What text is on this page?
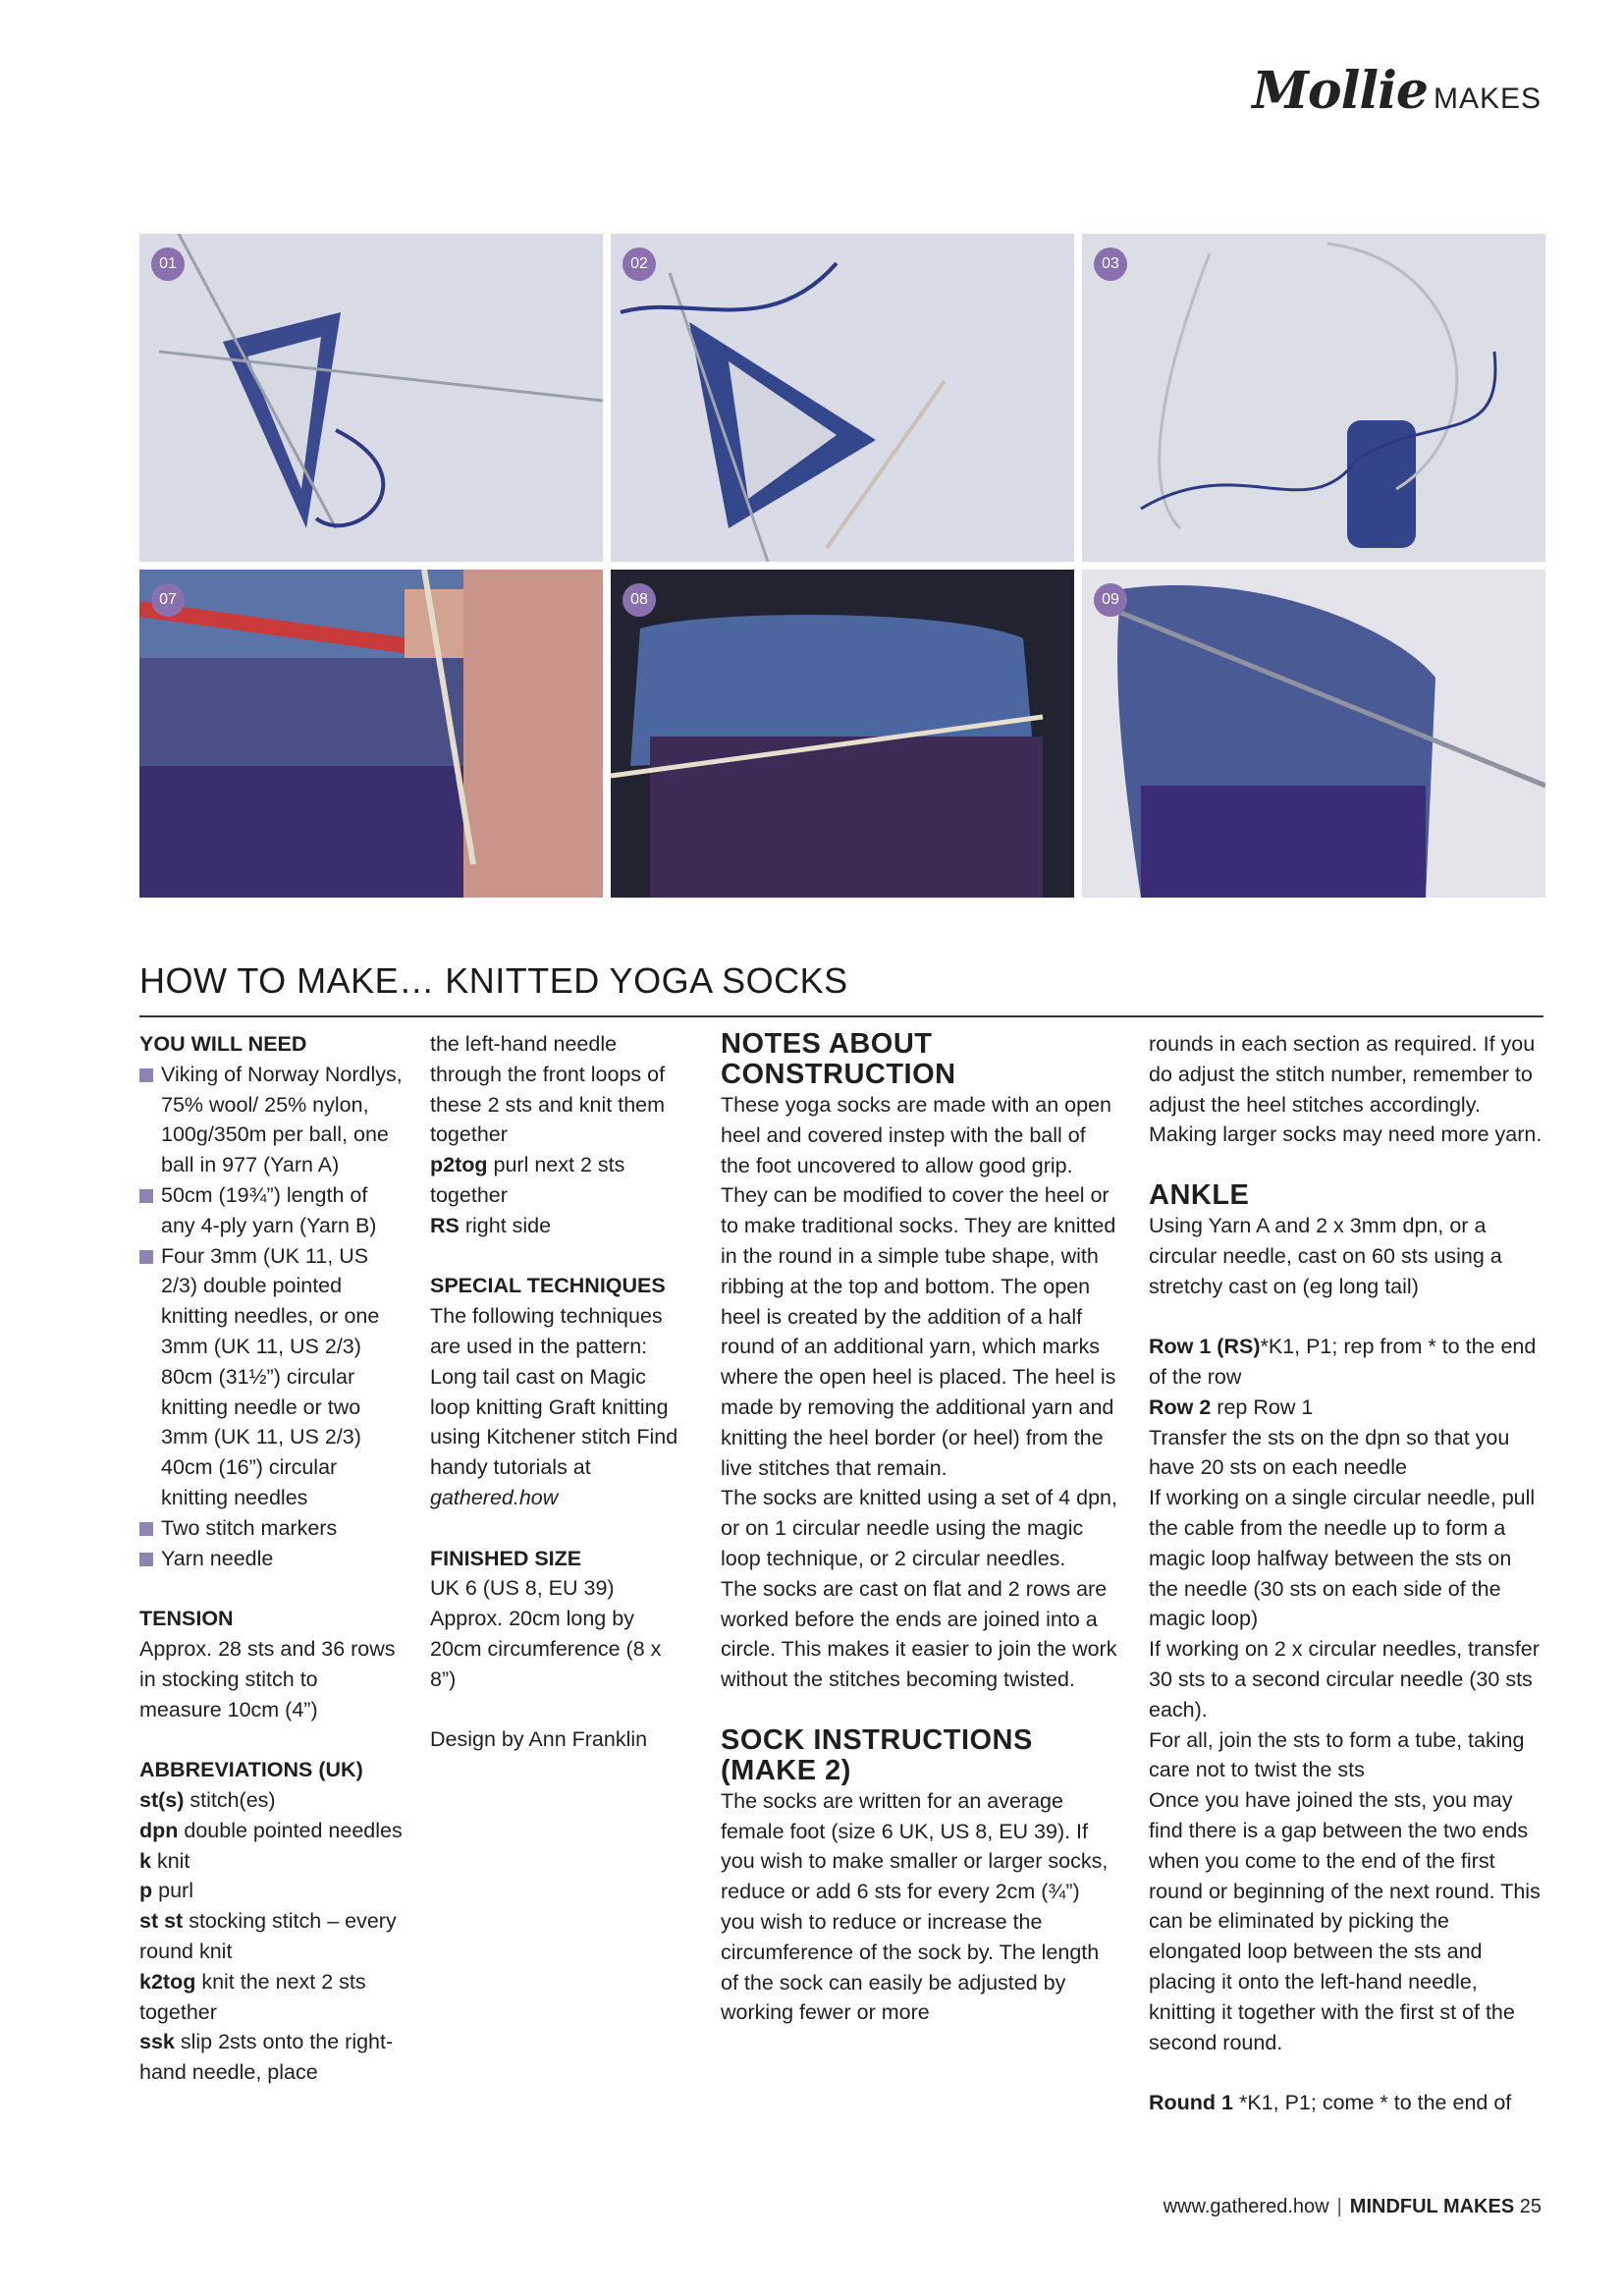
Mollie MAKES
01	02	03
07	08	09
HOW TO MAKE… KNITTED YOGA SOCKS
YOU WILL NEED
Viking of Norway Nordlys, 75% wool/ 25% nylon, 100g/350m per ball, one ball in 977 (Yarn A)
50cm (19¾”) length of any 4-ply yarn (Yarn B)
Four 3mm (UK 11, US 2/3) double pointed knitting needles, or one 3mm (UK 11, US 2/3) 80cm (31½”) circular knitting needle or two 3mm (UK 11, US 2/3) 40cm (16”) circular knitting needles
Two stitch markers
Yarn needle
TENSION
Approx. 28 sts and 36 rows in stocking stitch to measure 10cm (4”)
ABBREVIATIONS (UK)
st(s) stitch(es)
dpn double pointed needles
k knit
p purl
st st stocking stitch – every round knit
k2tog knit the next 2 sts together
ssk slip 2sts onto the right-hand needle, place
the left-hand needle through the front loops of these 2 sts and knit them together
p2tog purl next 2 sts together
RS right side
SPECIAL TECHNIQUES
The following techniques are used in the pattern: Long tail cast on Magic loop knitting Graft knitting using Kitchener stitch Find handy tutorials at gathered.how
FINISHED SIZE
UK 6 (US 8, EU 39) Approx. 20cm long by 20cm circumference (8 x 8”)
Design by Ann Franklin
NOTES ABOUT CONSTRUCTION
These yoga socks are made with an open heel and covered instep with the ball of the foot uncovered to allow good grip. They can be modified to cover the heel or to make traditional socks. They are knitted in the round in a simple tube shape, with ribbing at the top and bottom. The open heel is created by the addition of a half round of an additional yarn, which marks where the open heel is placed. The heel is made by removing the additional yarn and knitting the heel border (or heel) from the live stitches that remain.
The socks are knitted using a set of 4 dpn, or on 1 circular needle using the magic loop technique, or 2 circular needles.
The socks are cast on flat and 2 rows are worked before the ends are joined into a circle. This makes it easier to join the work without the stitches becoming twisted.
SOCK INSTRUCTIONS (MAKE 2)
The socks are written for an average female foot (size 6 UK, US 8, EU 39). If you wish to make smaller or larger socks, reduce or add 6 sts for every 2cm (¾”) you wish to reduce or increase the circumference of the sock by. The length of the sock can easily be adjusted by working fewer or more
rounds in each section as required. If you do adjust the stitch number, remember to adjust the heel stitches accordingly. Making larger socks may need more yarn.
ANKLE
Using Yarn A and 2 x 3mm dpn, or a circular needle, cast on 60 sts using a stretchy cast on (eg long tail)
Row 1 (RS)*K1, P1; rep from * to the end of the row
Row 2 rep Row 1
Transfer the sts on the dpn so that you have 20 sts on each needle
If working on a single circular needle, pull the cable from the needle up to form a magic loop halfway between the sts on the needle (30 sts on each side of the magic loop)
If working on 2 x circular needles, transfer 30 sts to a second circular needle (30 sts each).
For all, join the sts to form a tube, taking care not to twist the sts
Once you have joined the sts, you may find there is a gap between the two ends when you come to the end of the first round or beginning of the next round. This can be eliminated by picking the elongated loop between the sts and placing it onto the left-hand needle, knitting it together with the first st of the second round.
Round 1 *K1, P1; come * to the end of
www.gathered.how | MINDFUL MAKES 25
